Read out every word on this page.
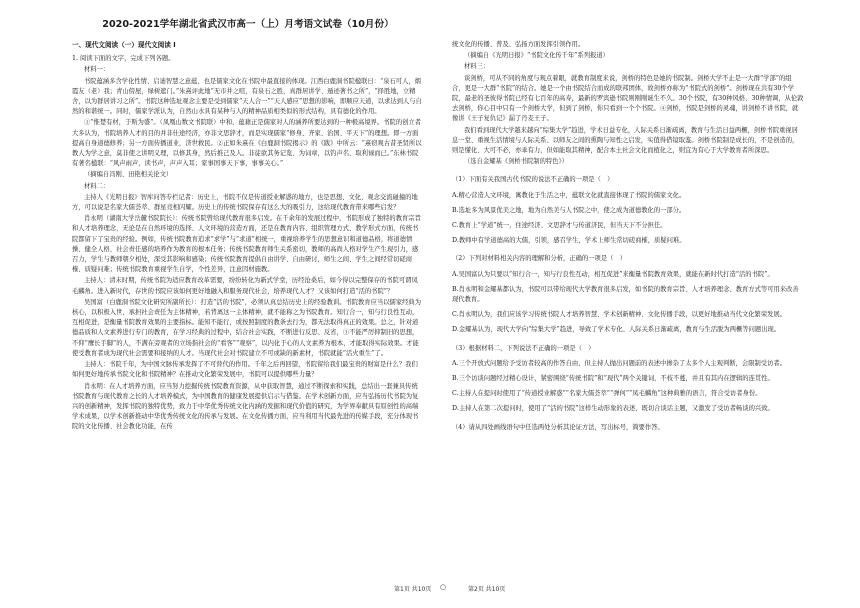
2020-2021学年湖北省武汉市高一（上）月考语文试卷（10月份）
一、现代文阅读（一）现代文阅读 I

1. 阅读下面的文字，完成下列各题。

材料一：

书院蕴涵多含学化性情、启迪智慧之意蕴，也是儒家文化在书院中最直接的体现。江西白鹿洞书院楹联日：“泉石可人，烟霞友（老）我；青山傍屋，绿树遮门。”朱熹评此地“无市井之喧，有泉石之胜，真群居讲学、遁迹著书之所”，“择胜地，立精舍，以为群居讲习之所”。书院这种选址观念主要是受到儒家“天人合一”“天人感应”思想的影响，即顺应天道，以求达到人与自然的和谐统一。同时，儒家学派认为，自然山水具有某种与人的精神品质相类似的形式结构，具有德化的作用。

①“惟楚有材，于斯为盛”。（凤凰山数文书院联）中和、蕴藉正是儒家对人的涵养所要达到的一种极高境界。书院的创立者大多认为，书院培养人才的目的并非仕途经济，亦非文思辞才，而是实现儒家“修身、齐家、治国、平天下”的理想。即一方面提高自身道德修养；另一方面传播道业，济世救民。②正如朱熹在《白鹿洞书院揭示》的《跋》中所云：“熹窃观古昔圣贤所以教人为学之意，莫非使之讲明义理，以修其身，然后推己及人。非徒欲其务记览、为词章，以钓声名、取利禄而已。”东林书院有著名楹联：“风声雨声，读书声，声声入耳；家事国事天下事，事事关心。”

（摘编自冯刚、田艳相关论文）

材料二：

主持人《光明日报》智库问答专栏记者：历史上，书院不仅是传道授业解惑的地方，也是思想、文化、观念交流碰撞的地方，可以说是名家大儒荟萃、群星竞相闪耀。历史上的传统书院保存有这么大的吸引力，这给现代教育带来哪些启发？

肖永明（湖南大学岳麓书院院长）：传统书院曾给现代教育很多启发。在千余年的发展过程中，书院形成了独特的教育宗旨和人才培养理念，无论是在自然环境的选择、人文环境的营造方面，还是在教育内容、组织管理方式、教学形式方面，传统书院都留下了宝贵的经验。例如，传统书院教育追求“求学”与“求道”相统一，重视培养学生的思想意识和道德品格，将道德情操、健全人格、社会责任感的培养作为教育的根本任务；传统书院教育师生关系密切，教师的高尚人格对学生产生现引力，感召力，学生与教师朝夕相处，深受其影响和感染；传统书院教育提倡自由讲学、自由研讨，师生之间、学生之间经常切磋商榷、质疑问难；传统书院教育重视学生自学，个性差异，注意因材施教。

主持人：清末时期，传统书院为适应教育改革需要，纷纷转化为新式学堂，历经沧桑后，如今得以完整保存的书院可谓凤毛麟角。进入新时代，存世的书院应该如何更好地融入和服务现代社会，培养现代人才？又该如何打造“活的书院”？

吴国富（白鹿洞书院文化研究所副所长）：打造“活的书院”，必须认真总结历史上的经验教训。书院教育应当以儒家经典为核心，以积极入世、承担社会责任为主体精神，若背离这一主体精神，就不能称之为书院教育。知行合一，知与行良性互动，互相促进，是衡量书院教育效果的主要指标。能知不能行，或按照制度的教条去行为，都无法取得真正的效果。总之，针对道德品质和人文素养进行专门的教育，在学习经典的过程中，结合社会实践，不断进行反思、反省，③不能严厉抑制旧的思想，不仰“鹰长手脚”的人，不满在旁观者的立场指社会的“看客”“观察”，以内化于心的人文素养为根本，才能取得实际效果。才能使受教育者成为现代社会需要和接纳的人才。当现代社会对书院建立不可或缺的新素材，书院就能“活火重生”了。

主持人：书院千年，为中国文脉传承发挥了不可替代的作用。千年之后再回望，书院留给我们最宝贵的财富是什么？我们如何更好地传承书院文化和书院精神？在推动文化繁荣发展中，书院可以提供哪些力量？

肖永明：在人才培养方面，应当努力挖掘传统书院教育资源，从中获取智慧，通过不断探索和实践，总结出一套兼具传统书院教育与现代教育之长的人才培养模式，为中国教育的健康发展提供启示与借鉴。在学术创新方面，应当弘扬历代书院为复兴的创新精神，发挥书院的独特优势，致力于中华优秀传统文化内涵的发掘和现代价值的研究，为学界奉献具有原创性的高端学术成果，以学术创新推动中华优秀传统文化的传承与发展。在文化传播方面，应当利用当代最先进的传媒手段，充分体现书院的文化传播、社会教化功能，在传

统文化的传播、普及、弘扬方面发挥引领作用。

（摘编自《光明日报》“书院文化传千年”系列报道）

材料三：

谈剑桥，可从不同的角度与观点着眼，就教育制度来说，剑桥的特色是她的书院制。剑桥大学不止是一大群“学部”的组合，更是一大群“书院”的结合。她是一个由书院结合而成的联邦团体，故剑桥亦称为“书院式的剑桥”。剑桥现在共有30个学院，最老的圣彼得书院已经有七百年的高寿，最新的罗宾逊书院则刚刚诞生不久。30个书院，有30种风格、30种情调，从伦敦去剑桥，你心目中只有一个剑桥大学，但到了剑桥，你只看到一个个书院。④剑桥，书院是剑桥的灵魂，讲剑桥不讲书院，就像讲《王子复仇记》漏了丹麦王子。

我们看到现代大学越来越向“综集大学”趋进，学术日益专化，人际关系日渐疏离，教育与生活日益两橛，剑桥书院重视居息一堂、重视生活情境与人际关系、以师友之间的熏陶与知性之启发，实值得借镜取鉴。剑桥书院制是成长的，不是创造的，则是懂化、大可不必，亦乖有力，但如能取其精神，配合本土社会文化而植化之，则宜为有心于大学教育者所深思。

（选自金耀基《剑桥书院制的特色》）

（1）下面有关我国古代书院的说法不正确的一项是（　）

A.精心营造人文环境，寓教化于生活之中，蕴联文化就直接体现了书院的儒家文化。

B.选址多为风景优美之地，地为自然美与人书院之中，使之成为道德教化的一部分。

C.教育上“学道”统一，住途经济、文思辞才与传道济民，但当天下不分担任。

D.教师中有学道德高的大儒，引领，感召学生，学术上师生常切磋商榷，质疑问难。

（2）下列对材料相关内容的理解和分析，正确的一项是（　）

A.吴国富认为只要以“知行合一，知与行良性互动，相互促进”来衡量书院教育效果，就能在新时代打造“活的书院”。

B.肖永明和金耀基都认为，书院可以带给现代大学教育很多启发，如书院的教育宗旨、人才培养理念、教育方式等可用来改善现代教育。

C.肖永明认为，我们应该学习传统书院人才培养智慧、学术创新精神、文化传播手段，以更好地推动当代文化繁荣发展。

D.金耀基认为，现代大学向“综集大学”趋进，导致了学术专化、人际关系日渐疏离，教育与生活脱为两橛等问题出现。

（3）根据材料二，下列说法不正确的一项是（　）

A.三个开放式问题给予受访者较高的作答自由，但主持人抛出问题前的表述中掺杂了太多个人主观判断，会限制受访者。

B.三个访谈问题经过精心设计，紧密围绕“传统书院”和“现代”两个关键词，不枝不蔓，并且有其内在逻辑的连贯性。

C.主持人在提问时使用了“传道授业解惑”“名家大儒荟萃”“弹何”“凤毛麟角”这种典雅的语言，符合受访者身份。

D.主持人在第二次提问时，使用了“活的书院”这样生动形象的表述，既切合谈话主题，又激发了受访者畅谈的兴致。

（4）请从四处画线语句中任选两处分析其论证方法，写出标号，简要作答。

第1页 共10页 ○	第2页 共10页
